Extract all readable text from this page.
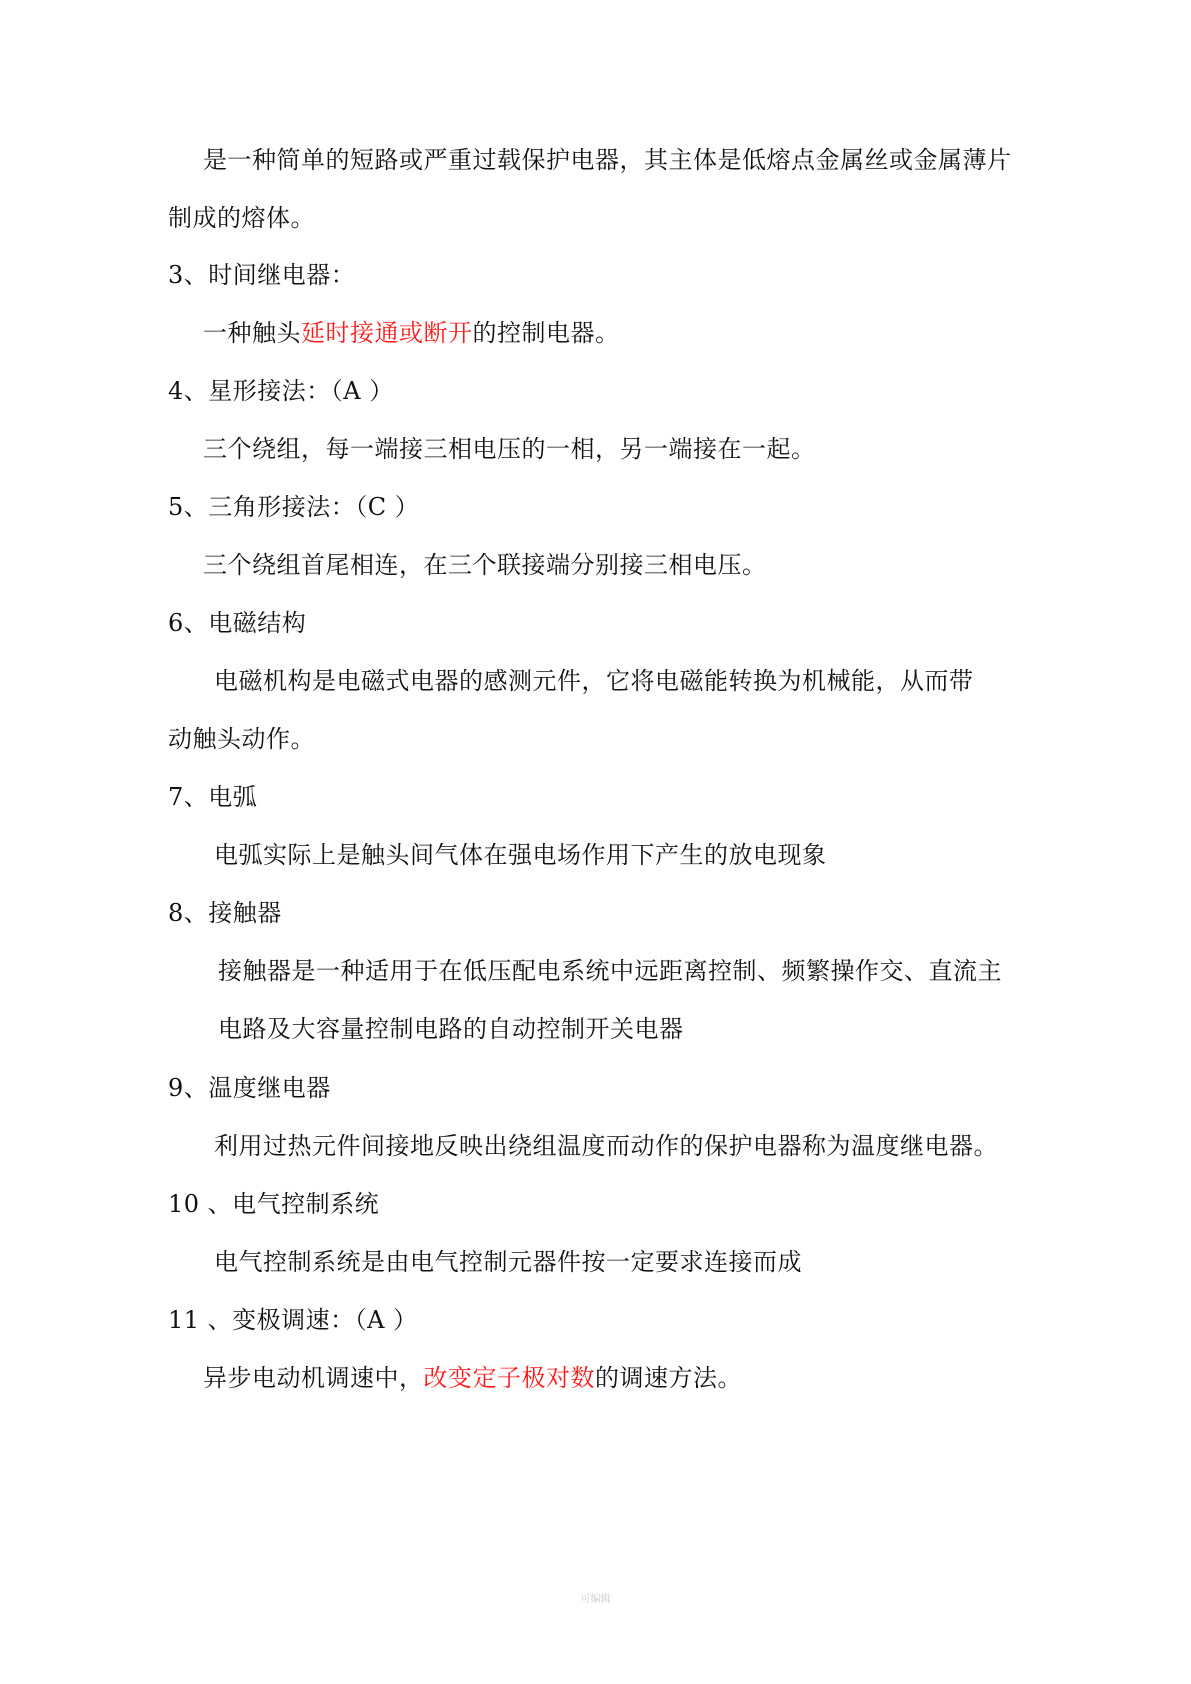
是一种简单的短路或严重过载保护电器，其主体是低熔点金属丝或金属薄片
制成的熔体。
3、时间继电器：
一种触头延时接通或断开的控制电器。
4、星形接法：（A ）
三个绕组，每一端接三相电压的一相，另一端接在一起。
5、三角形接法：（C ）
三个绕组首尾相连，在三个联接端分别接三相电压。
6、电磁结构
电磁机构是电磁式电器的感测元件，它将电磁能转换为机械能，从而带
动触头动作。
7、电弧
电弧实际上是触头间气体在强电场作用下产生的放电现象
8、接触器
接触器是一种适用于在低压配电系统中远距离控制、频繁操作交、直流主
电路及大容量控制电路的自动控制开关电器
9、温度继电器
利用过热元件间接地反映出绕组温度而动作的保护电器称为温度继电器。
10 、电气控制系统
电气控制系统是由电气控制元器件按一定要求连接而成
11 、变极调速：（A ）
异步电动机调速中，改变定子极对数的调速方法。
可编辑
